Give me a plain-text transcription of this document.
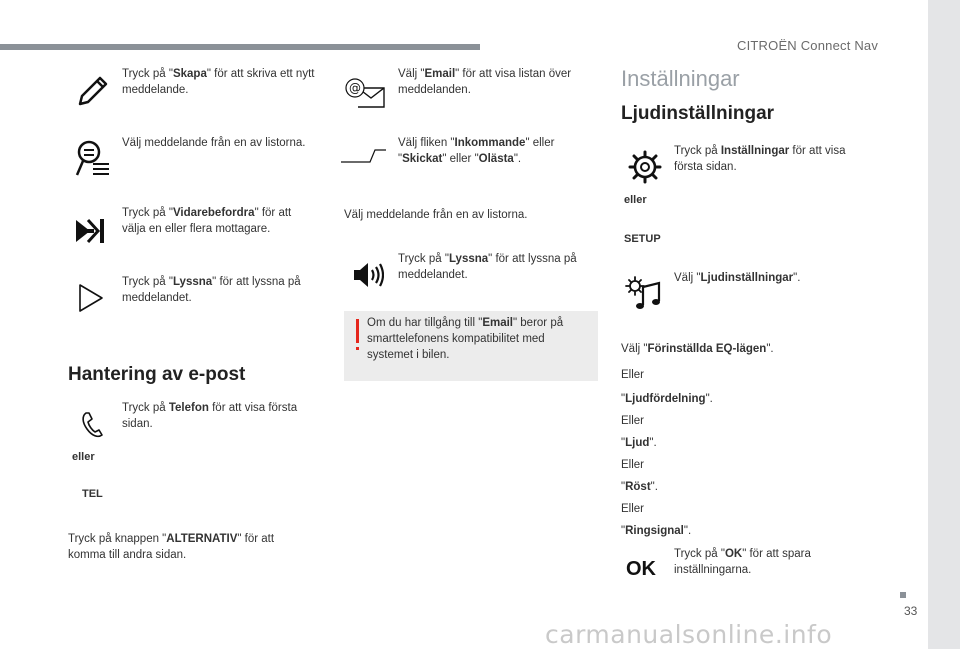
CITROËN Connect Nav
33
Tryck på "Skapa" för att skriva ett nytt meddelande.
Välj meddelande från en av listorna.
Tryck på "Vidarebefordra" för att välja en eller flera mottagare.
Tryck på "Lyssna" för att lyssna på meddelandet.
Hantering av e-post
Tryck på Telefon för att visa första sidan.
eller
TEL
Tryck på knappen "ALTERNATIV" för att komma till andra sidan.
@
Välj "Email" för att visa listan över meddelanden.
Välj fliken "Inkommande" eller "Skickat" eller "Olästa".
Välj meddelande från en av listorna.
Tryck på "Lyssna" för att lyssna på meddelandet.
Om du har tillgång till "Email" beror på smarttelefonens kompatibilitet med systemet i bilen.
Inställningar
Ljudinställningar
Tryck på Inställningar för att visa första sidan.
eller
SETUP
Välj "Ljudinställningar".
Välj "Förinställda EQ-lägen".
Eller
"Ljudfördelning".
Eller
"Ljud".
Eller
"Röst".
Eller
"Ringsignal".
OK
Tryck på "OK" för att spara inställningarna.
carmanualsonline.info
